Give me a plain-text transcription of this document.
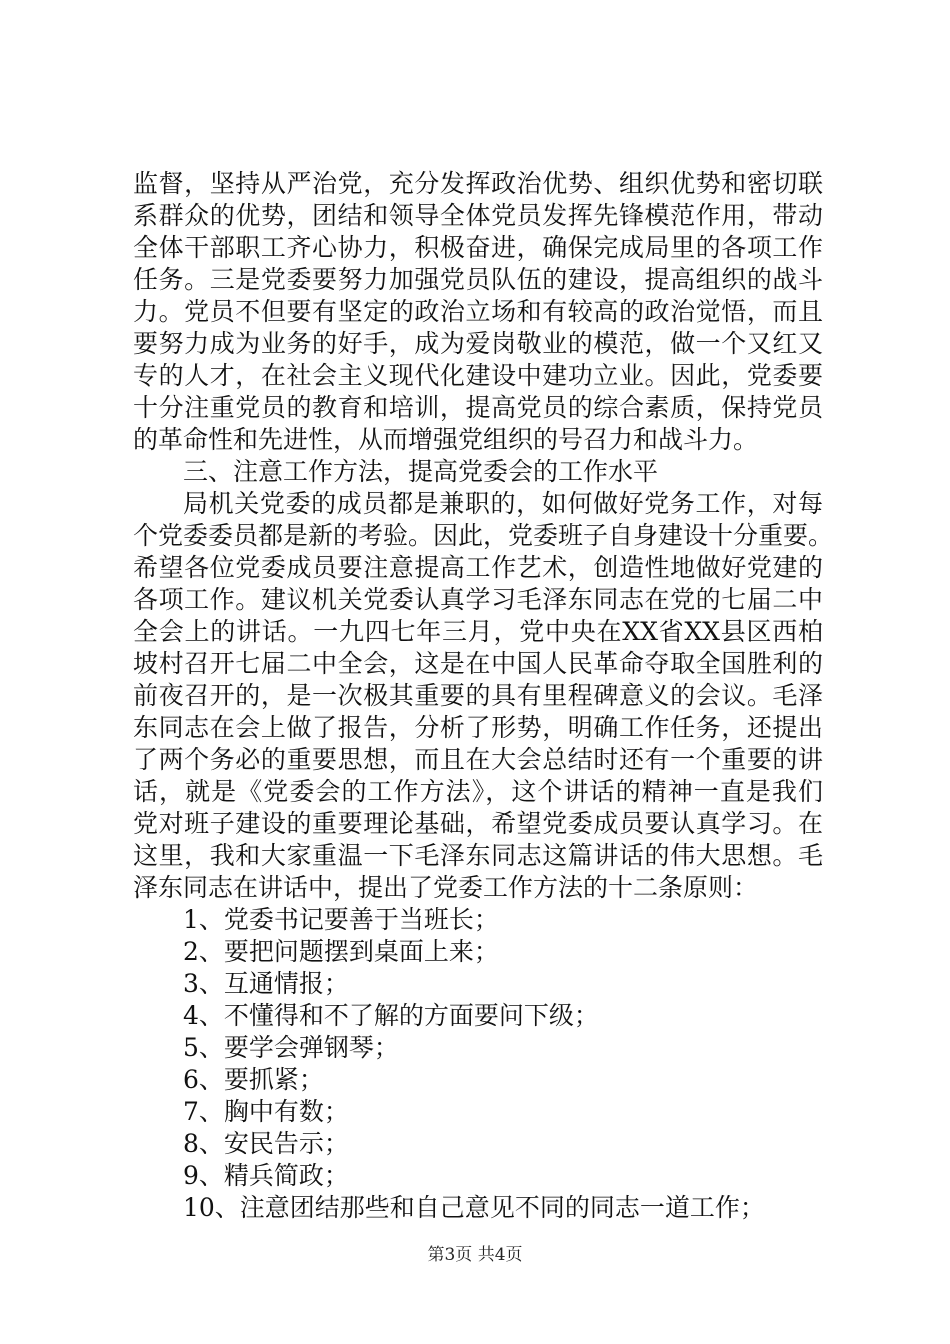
监督，坚持从严治党，充分发挥政治优势、组织优势和密切联
系群众的优势，团结和领导全体党员发挥先锋模范作用，带动
全体干部职工齐心协力，积极奋进，确保完成局里的各项工作
任务。三是党委要努力加强党员队伍的建设，提高组织的战斗
力。党员不但要有坚定的政治立场和有较高的政治觉悟，而且
要努力成为业务的好手，成为爱岗敬业的模范，做一个又红又
专的人才，在社会主义现代化建设中建功立业。因此，党委要
十分注重党员的教育和培训，提高党员的综合素质，保持党员
的革命性和先进性，从而增强党组织的号召力和战斗力。
三、注意工作方法，提高党委会的工作水平
局机关党委的成员都是兼职的，如何做好党务工作，对每
个党委委员都是新的考验。因此，党委班子自身建设十分重要。
希望各位党委成员要注意提高工作艺术，创造性地做好党建的
各项工作。建议机关党委认真学习毛泽东同志在党的七届二中
全会上的讲话。一九四七年三月，党中央在XX省XX县区西柏
坡村召开七届二中全会，这是在中国人民革命夺取全国胜利的
前夜召开的，是一次极其重要的具有里程碑意义的会议。毛泽
东同志在会上做了报告，分析了形势，明确工作任务，还提出
了两个务必的重要思想，而且在大会总结时还有一个重要的讲
话，就是《党委会的工作方法》，这个讲话的精神一直是我们
党对班子建设的重要理论基础，希望党委成员要认真学习。在
这里，我和大家重温一下毛泽东同志这篇讲话的伟大思想。毛
泽东同志在讲话中，提出了党委工作方法的十二条原则：
1、党委书记要善于当班长；
2、要把问题摆到桌面上来；
3、互通情报；
4、不懂得和不了解的方面要问下级；
5、要学会弹钢琴；
6、要抓紧；
7、胸中有数；
8、安民告示；
9、精兵简政；
10、注意团结那些和自己意见不同的同志一道工作；
第3页 共4页
